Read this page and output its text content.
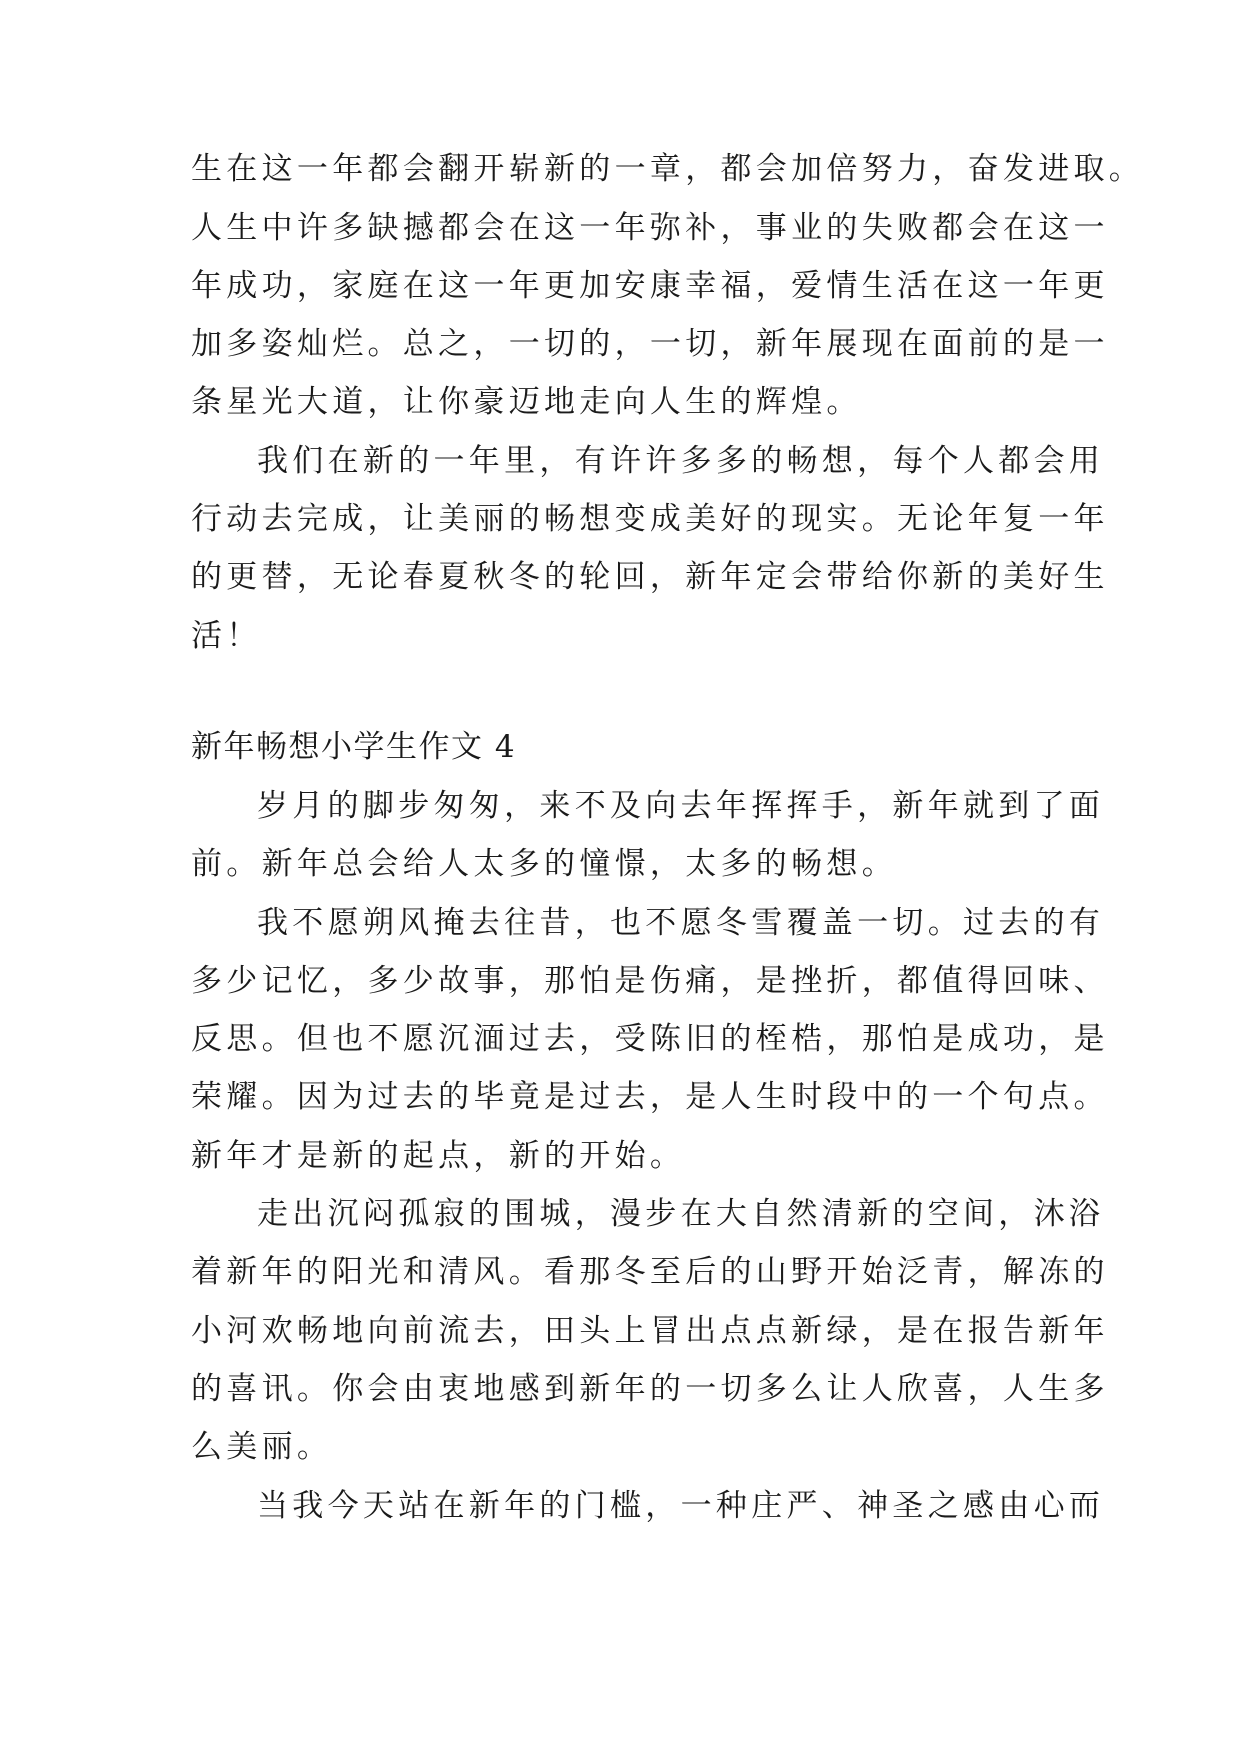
生在这一年都会翻开崭新的一章，都会加倍努力，奋发进取。
人生中许多缺撼都会在这一年弥补，事业的失败都会在这一
年成功，家庭在这一年更加安康幸福，爱情生活在这一年更
加多姿灿烂。总之，一切的，一切，新年展现在面前的是一
条星光大道，让你豪迈地走向人生的辉煌。
我们在新的一年里，有许许多多的畅想，每个人都会用
行动去完成，让美丽的畅想变成美好的现实。无论年复一年
的更替，无论春夏秋冬的轮回，新年定会带给你新的美好生
活！
新年畅想小学生作文 4
岁月的脚步匆匆，来不及向去年挥挥手，新年就到了面
前。新年总会给人太多的憧憬，太多的畅想。
我不愿朔风掩去往昔，也不愿冬雪覆盖一切。过去的有
多少记忆，多少故事，那怕是伤痛，是挫折，都值得回味、
反思。但也不愿沉湎过去，受陈旧的桎梏，那怕是成功，是
荣耀。因为过去的毕竟是过去，是人生时段中的一个句点。
新年才是新的起点，新的开始。
走出沉闷孤寂的围城，漫步在大自然清新的空间，沐浴
着新年的阳光和清风。看那冬至后的山野开始泛青，解冻的
小河欢畅地向前流去，田头上冒出点点新绿，是在报告新年
的喜讯。你会由衷地感到新年的一切多么让人欣喜，人生多
么美丽。
当我今天站在新年的门槛，一种庄严、神圣之感由心而
